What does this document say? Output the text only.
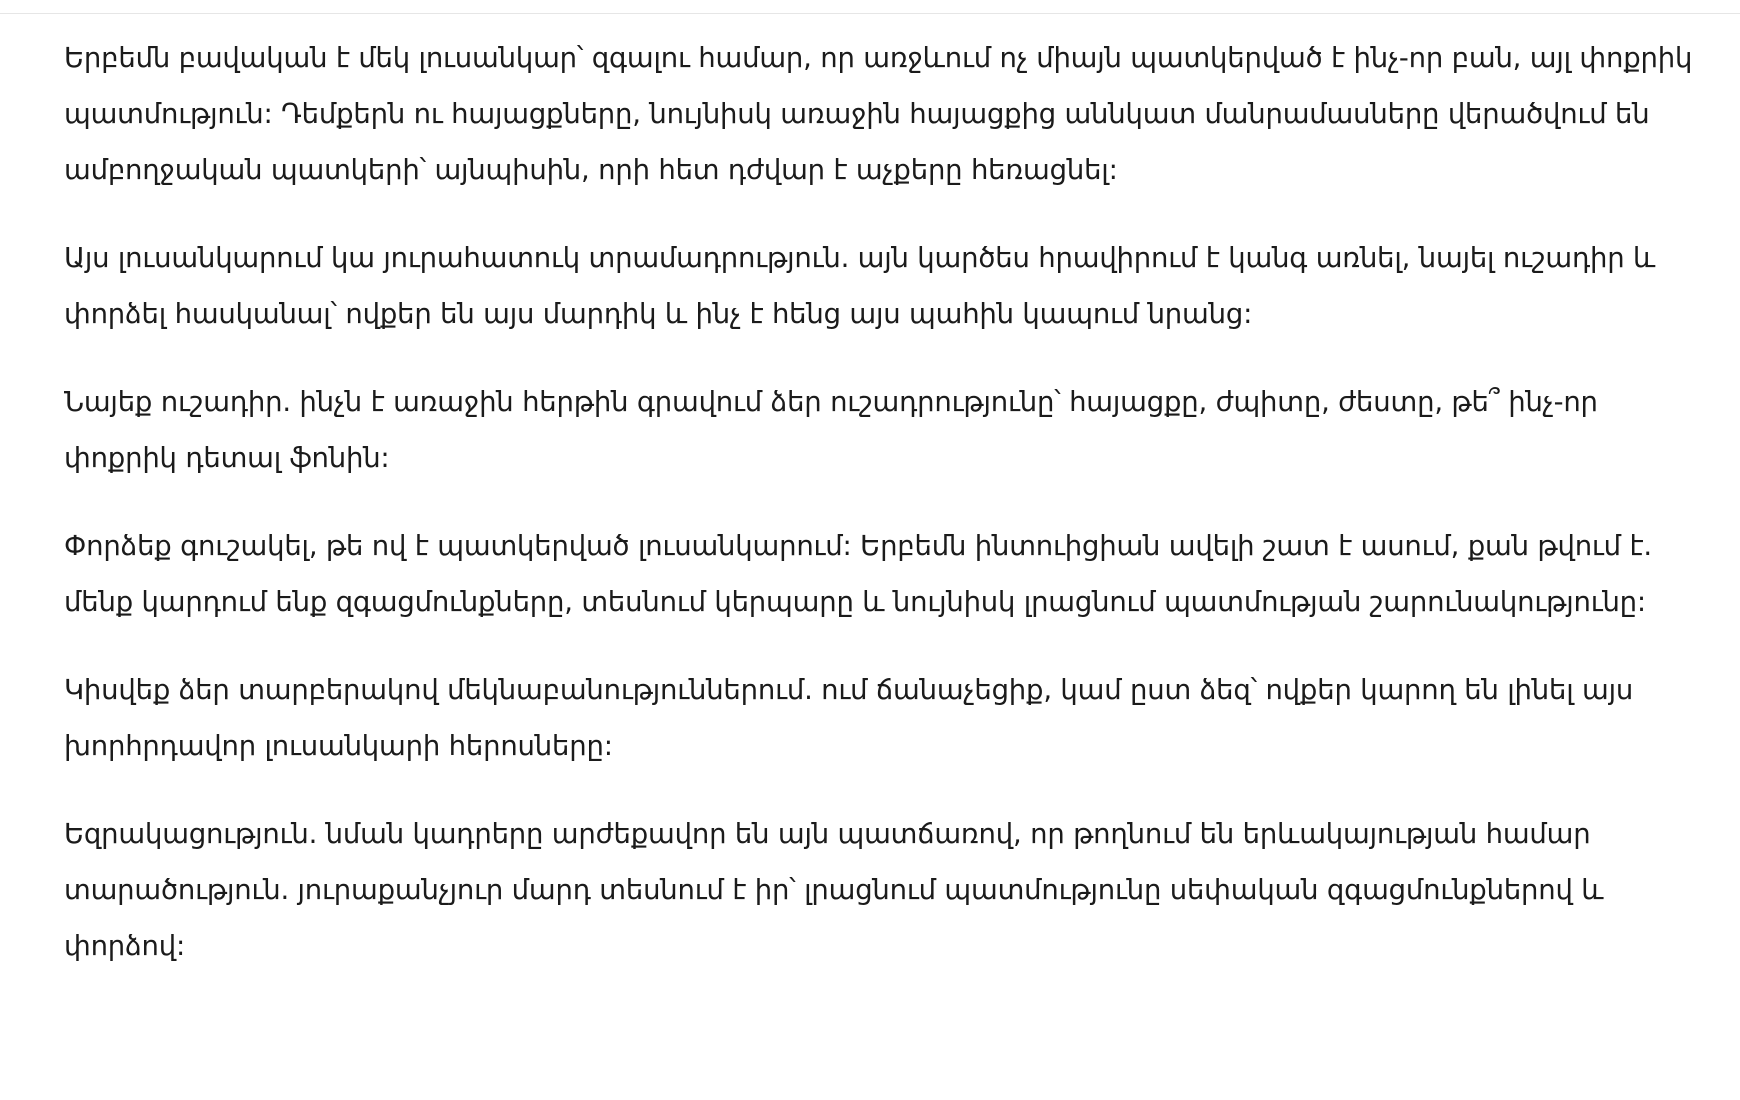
Երբեմն բավական է մեկ լուսանկար՝ զգալու համար, որ առջևում ոչ միայն պատկերված է ինչ-որ բան, այլ փոքրիկ պատմություն: Դեմքերն ու հայացքները, նույնիսկ առաջին հայացքից աննկատ մանրամասները վերածվում են ամբողջական պատկերի՝ այնպիսին, որի հետ դժվար է աչքերը հեռացնել:

Այս լուսանկարում կա յուրահատուկ տրամադրություն. այն կարծես հրավիրում է կանգ առնել, նայել ուշադիր և փորձել հասկանալ՝ ովքեր են այս մարդիկ և ինչ է հենց այս պահին կապում նրանց:

Նայեք ուշադիր. ինչն է առաջին հերթին գրավում ձեր ուշադրությունը՝ հայացքը, ժպիտը, ժեստը, թե՞ ինչ-որ փոքրիկ դետալ ֆոնին:

Փորձեք գուշակել, թե ով է պատկերված լուսանկարում: Երբեմն ինտուիցիան ավելի շատ է ասում, քան թվում է. մենք կարդում ենք զգացմունքները, տեսնում կերպարը և նույնիսկ լրացնում պատմության շարունակությունը:

Կիսվեք ձեր տարբերակով մեկնաբանություններում. ում ճանաչեցիք, կամ ըստ ձեզ՝ ովքեր կարող են լինել այս խորհրդավոր լուսանկարի հերոսները:

Եզրակացություն. նման կադրերը արժեքավոր են այն պատճառով, որ թողնում են երևակայության համար տարածություն. յուրաքանչյուր մարդ տեսնում է իր՝ լրացնում պատմությունը սեփական զգացմունքներով և փորձով:
